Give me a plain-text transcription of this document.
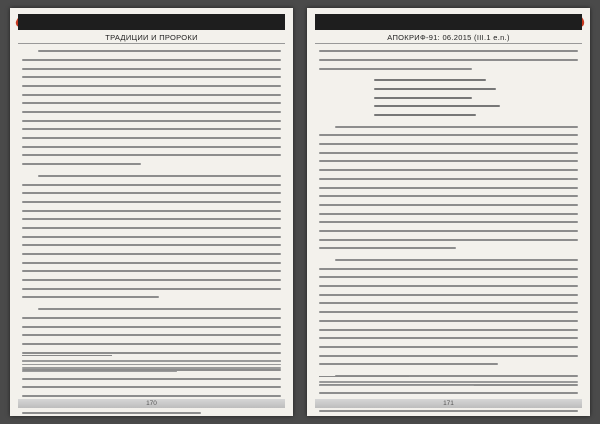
ТРАДИЦИИ И ПРОРОКИ
170
АПОКРИФ-91: 06.2015 (III.1 e.n.)
171
